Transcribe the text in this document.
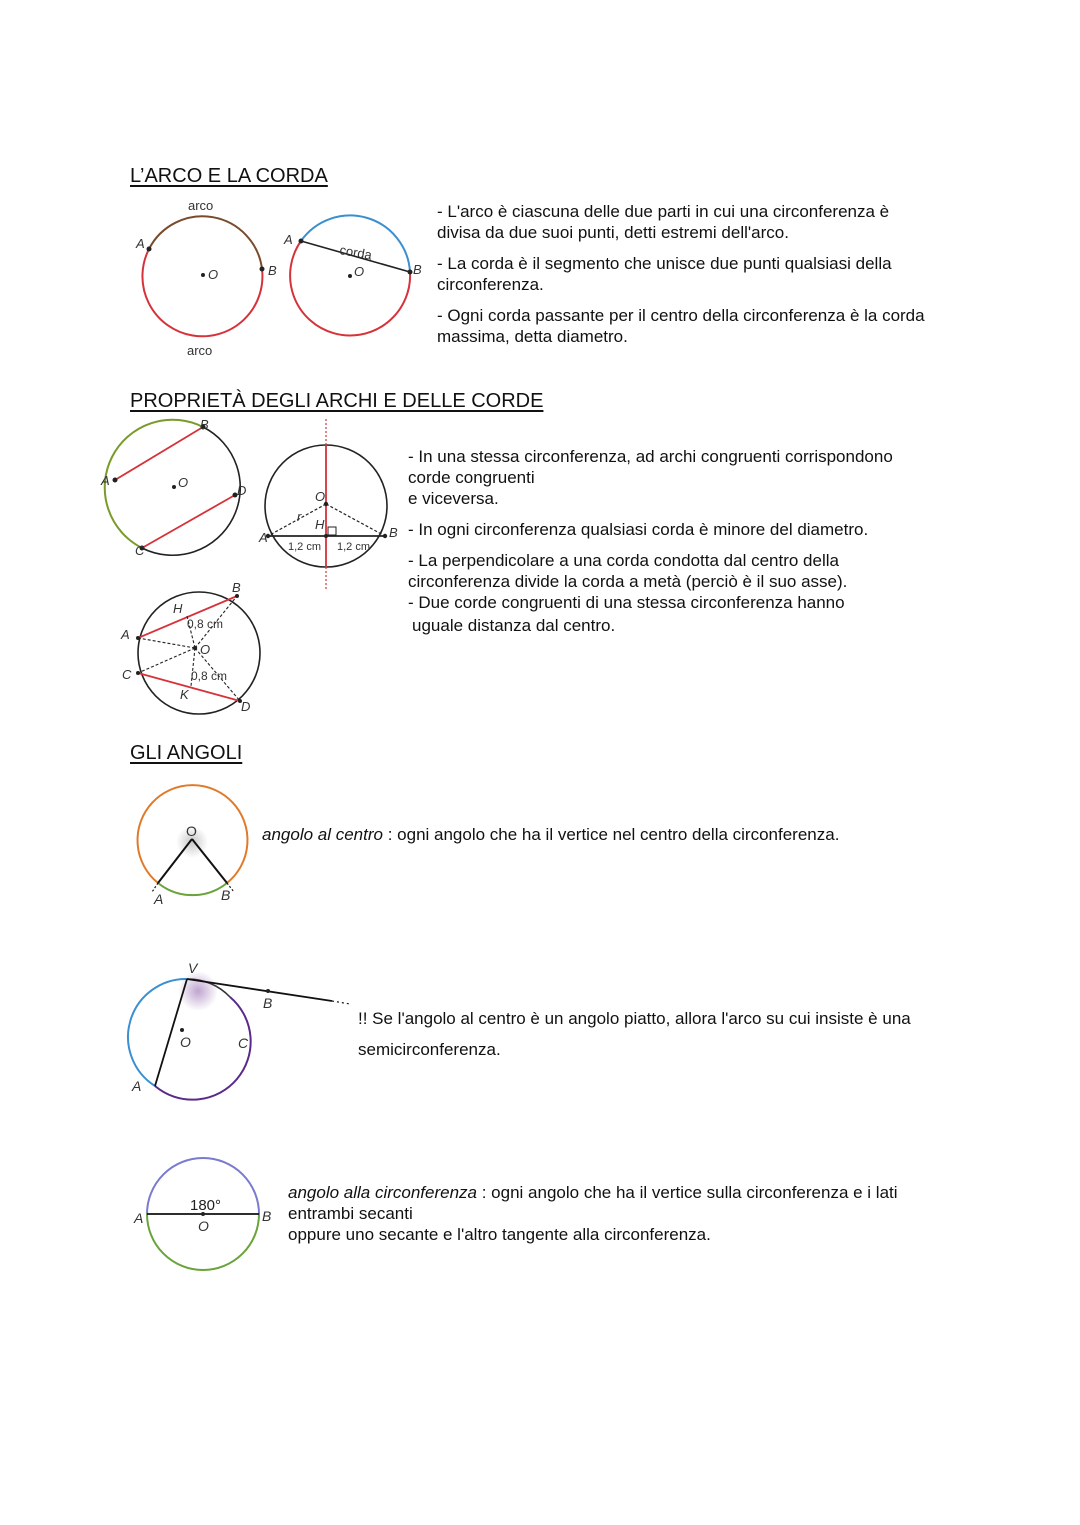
L’ARCO E LA CORDA
arco
arco
A
B
O
corda
A
B
O

- L'arco è ciascuna delle due parti in cui una circonferenza è divisa da due suoi punti, detti estremi dell'arco.

- La corda è il segmento che unisce due punti qualsiasi della circonferenza.

- Ogni corda passante per il centro della circonferenza è la corda massima, detta diametro.

PROPRIETÀ DEGLI ARCHI E DELLE CORDE
A
B
C
D
O
O
r
H
A	B
1,2 cm 1,2 cm
A
B
C
D
H
K
O
0,8 cm
0,8 cm

- In una stessa circonferenza, ad archi congruenti corrispondono corde congruenti

e viceversa.

- In ogni circonferenza qualsiasi corda è minore del diametro.

- La perpendicolare a una corda condotta dal centro della circonferenza divide la corda a metà (perciò è il suo asse).

- Due corde congruenti di una stessa circonferenza hanno

uguale distanza dal centro.

GLI ANGOLI
O
A	B
angolo al centro : ogni angolo che ha il vertice nel centro della circonferenza.
V
B
O	C
A
!! Se l'angolo al centro è un angolo piatto, allora l'arco su cui insiste è una semicirconferenza.
180°
O
A	B

angolo alla circonferenza : ogni angolo che ha il vertice sulla circonferenza e i lati entrambi secanti

oppure uno secante e l'altro tangente alla circonferenza.
